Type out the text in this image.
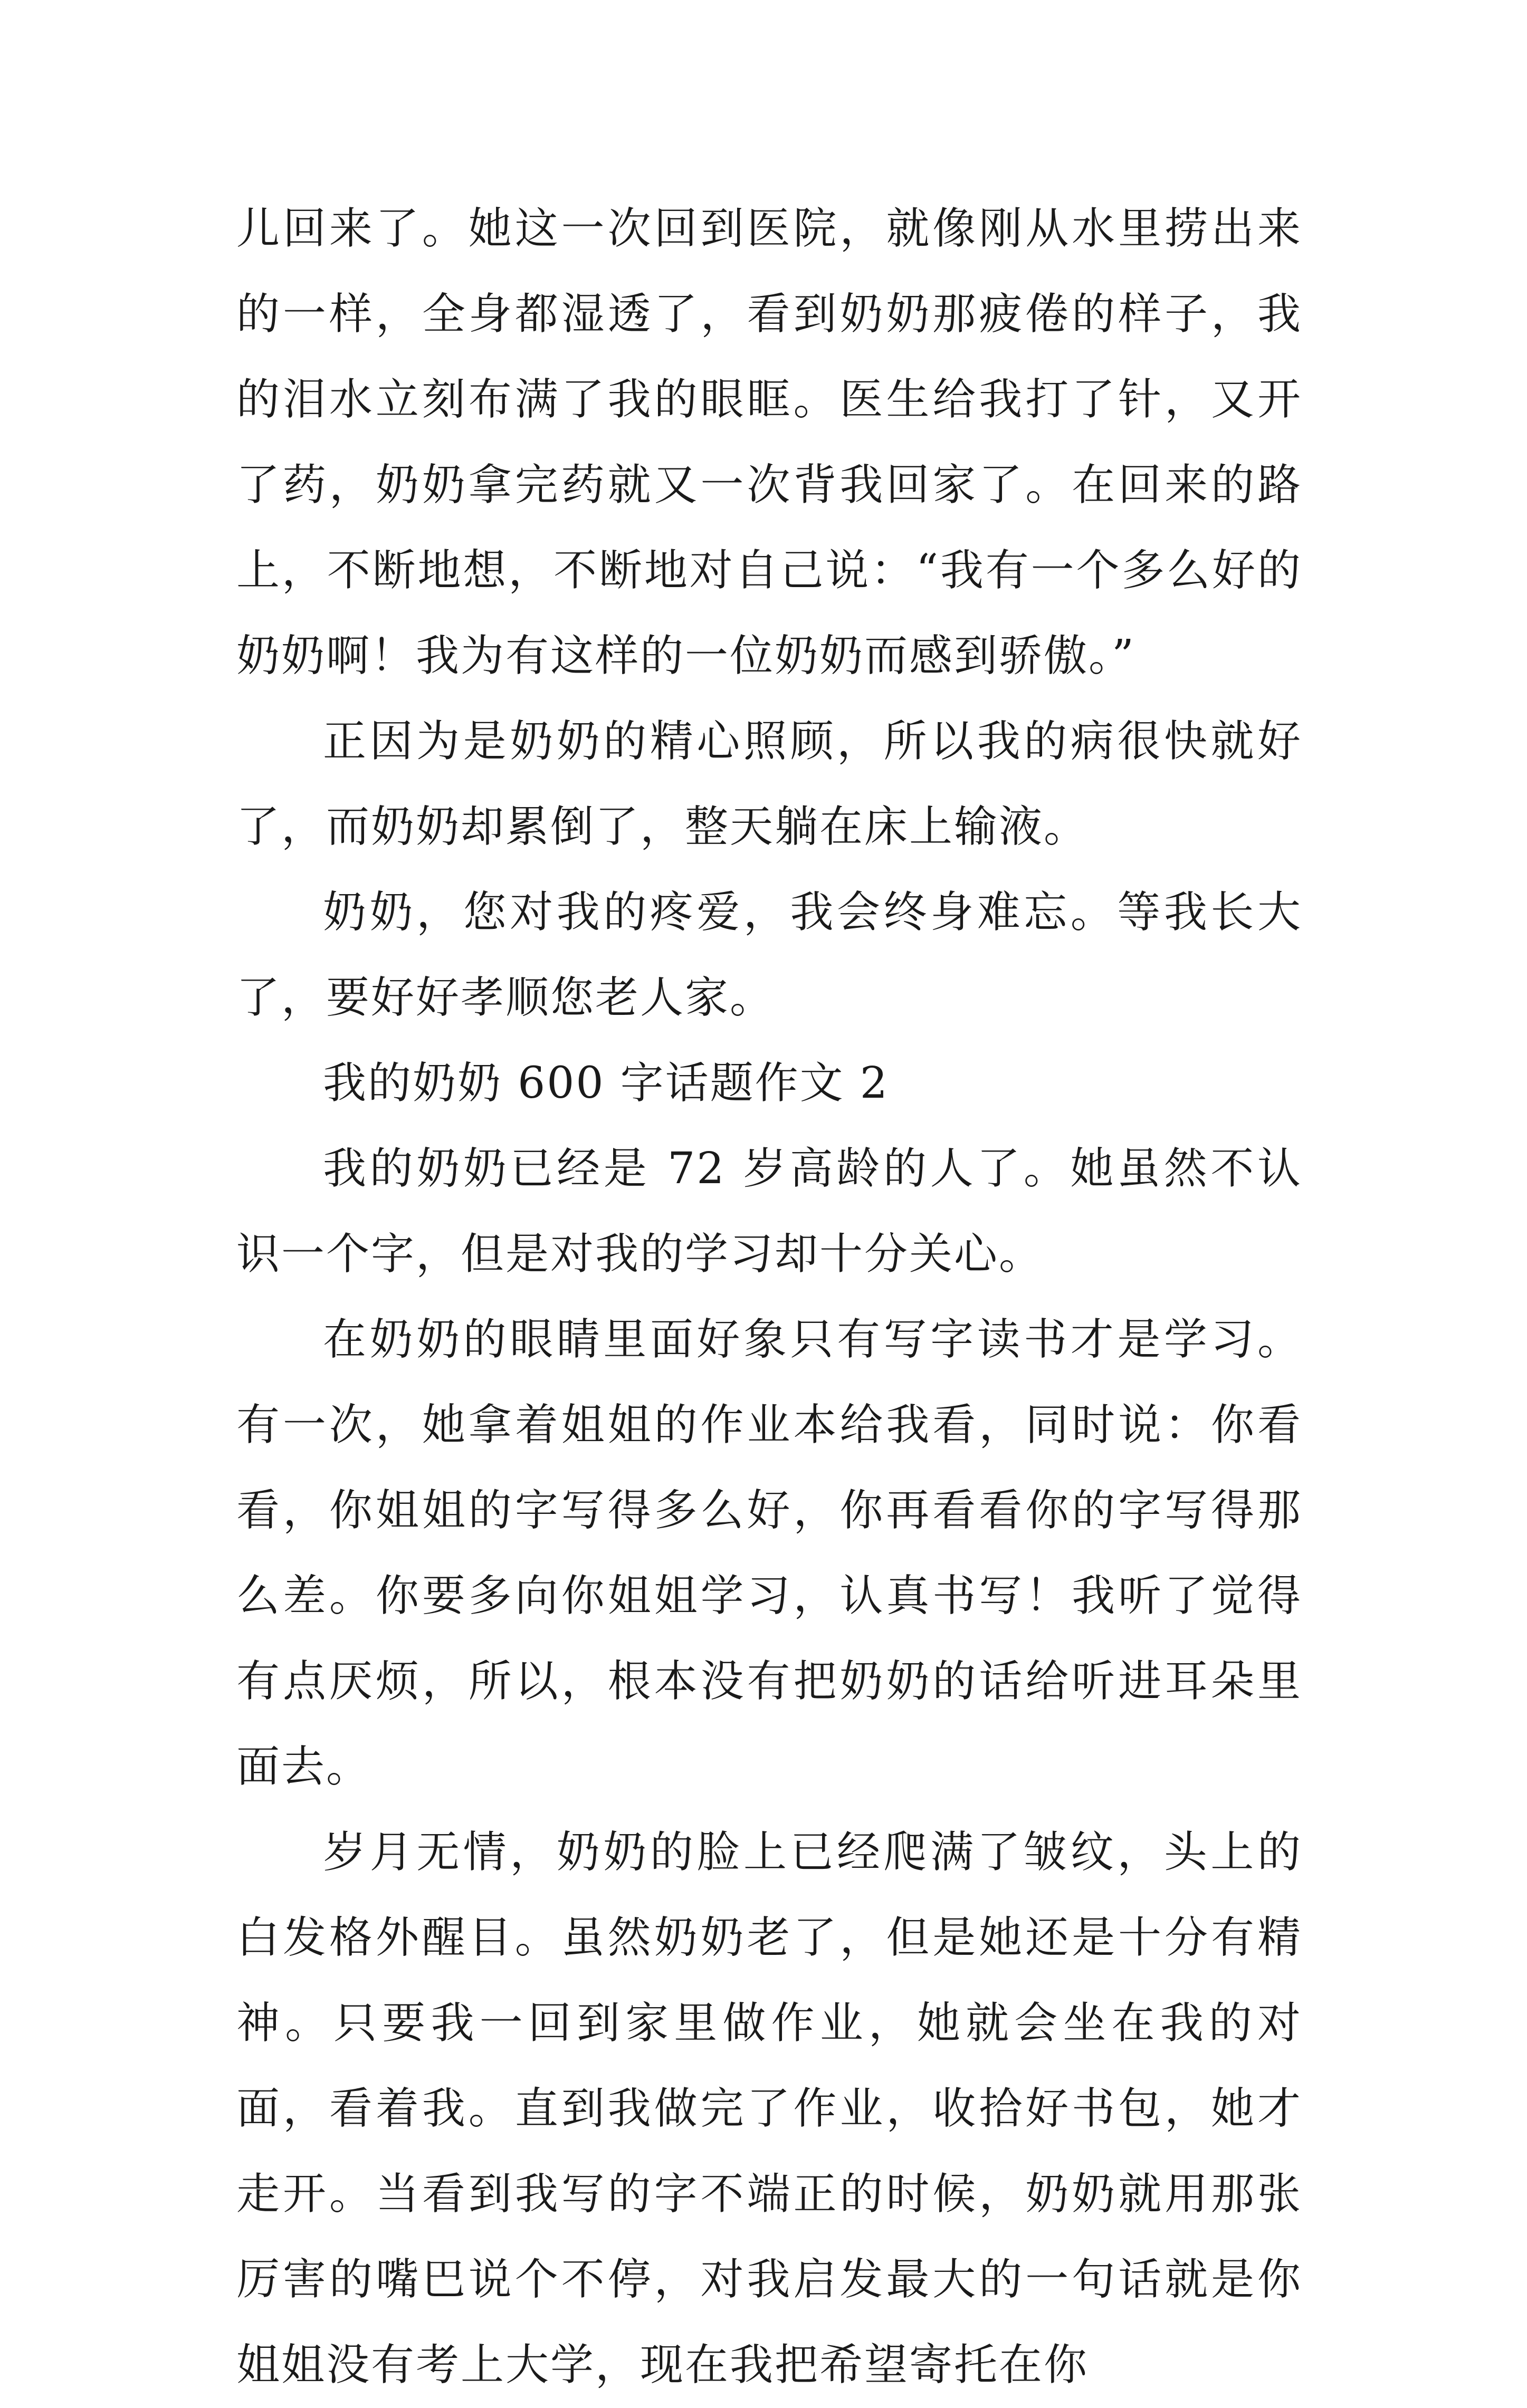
儿回来了。她这一次回到医院，就像刚从水里捞出来的一样，全身都湿透了，看到奶奶那疲倦的样子，我的泪水立刻布满了我的眼眶。医生给我打了针，又开了药，奶奶拿完药就又一次背我回家了。在回来的路上，不断地想，不断地对自己说：“我有一个多么好的奶奶啊！我为有这样的一位奶奶而感到骄傲。”

正因为是奶奶的精心照顾，所以我的病很快就好了，而奶奶却累倒了，整天躺在床上输液。

奶奶，您对我的疼爱，我会终身难忘。等我长大了，要好好孝顺您老人家。

我的奶奶 600 字话题作文 2

我的奶奶已经是 72 岁高龄的人了。她虽然不认识一个字，但是对我的学习却十分关心。

在奶奶的眼睛里面好象只有写字读书才是学习。有一次，她拿着姐姐的作业本给我看，同时说：你看看，你姐姐的字写得多么好，你再看看你的字写得那么差。你要多向你姐姐学习，认真书写！我听了觉得有点厌烦，所以，根本没有把奶奶的话给听进耳朵里面去。

岁月无情，奶奶的脸上已经爬满了皱纹，头上的白发格外醒目。虽然奶奶老了，但是她还是十分有精神。只要我一回到家里做作业，她就会坐在我的对面，看着我。直到我做完了作业，收拾好书包，她才走开。当看到我写的字不端正的时候，奶奶就用那张厉害的嘴巴说个不停，对我启发最大的一句话就是你姐姐没有考上大学，现在我把希望寄托在你
